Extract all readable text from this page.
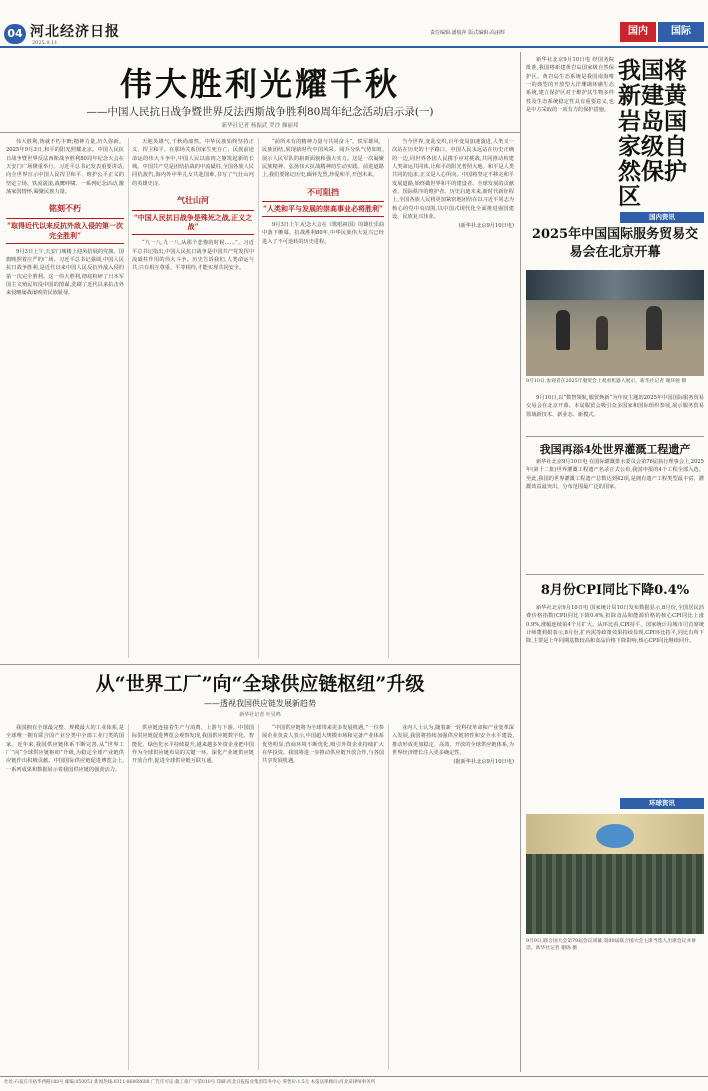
04 河北经济日报
2025.9.11
责任编辑:潘俊萍 版式编辑:高丽辉	国内	国际
伟大胜利光耀千秋
——中国人民抗日战争暨世界反法西斯战争胜利80周年纪念活动启示录(一)
新华社记者 杨振武 罗沙 操丽邦

伟大胜利,铸就不朽丰碑;精神力量,历久弥新。2025年9月3日,和平的阳光照耀北京。中国人民抗日战争暨世界反法西斯战争胜利80周年纪念大会在天安门广场隆重举行。习近平总书记发表重要讲话,向全世界宣示中国人民捍卫和平、维护公平正义的坚定立场。铁流滚滚,战鹰呼啸。一系列纪念活动,激荡家国情怀,凝聚民族力量。

铭刻不朽
“取得近代以来反抗外敌入侵的第一次完全胜利”

9月3日上午,天安门城楼上迎风招展的党旗、国旗映照着庄严的广场。习近平总书记强调,中国人民抗日战争胜利,是近代以来中国人民反抗外敌入侵的第一次完全胜利。这一伟大胜利,彻底粉碎了日本军国主义殖民奴役中国的图谋,洗刷了近代以来抗击外来侵略屡战屡败的民族耻辱。

天地英雄气,千秋尚凛然。中华民族始终坚持正义、捍卫和平。在那场关系国家生死存亡、民族前途命运的伟大斗争中,中国人民以血肉之躯筑起新的长城。中国共产党是团结抗战的中流砥柱,全国各族人民同仇敌忾,海内外中华儿女共赴国难,书写了气壮山河的英雄史诗。

气壮山河
“中国人民抗日战争是殊死之战,正义之战”

“九一八,九一八,从那个悲惨的时候……”。习近平总书记指出,中国人民抗日战争是中国共产党发挥中流砥柱作用的伟大斗争。历史告诉我们,人类命运与共,只有相互尊重、平等相待,才能实现共同安全。

“前所未有的精神力量与共同奋斗”。铁军雄风、民族团结,展现新时代中国风采。阅兵分队气势如虹,展示人民军队的崭新面貌和强大实力。这是一次凝聚民族精神、弘扬伟大抗战精神的生动实践。前进道路上,我们要铭记历史,缅怀先烈,珍爱和平,开创未来。

不可阻挡
“人类和平与发展的崇高事业必将胜利”

9月3日上午,纪念大会在《歌唱祖国》的雄壮乐曲中落下帷幕。抗战胜利80年,中华民族伟大复兴已经进入了不可逆转的历史进程。

当今世界,变乱交织,百年变局加速演进,人类又一次站在历史的十字路口。中国人民永远站在历史正确的一边,同世界各国人民携手应对挑战,共同推动构建人类命运共同体,让和平的阳光普照大地。和平是人类共同的追求,正义是人心所向。中国将坚定不移走和平发展道路,始终做世界和平的建设者、全球发展的贡献者、国际秩序的维护者。历史启迪未来,新时代新征程上,全国各族人民将更加紧密地团结在以习近平同志为核心的党中央周围,以中国式现代化全面推进强国建设、民族复兴伟业。

(新华社北京9月10日电)

新华社北京9月10日电 经国务院批准,我国将新建黄岩岛国家级自然保护区。黄岩岛生态系统是我国南海唯一的典型的开放型大洋珊瑚环礁生态系统,建立保护区对于维护其生物多样性及生态系统稳定性具有重要意义,也是中方采取的一项有力的保护措施。

我国将新建黄岩岛国家级自然保护区
国内资讯
2025年中国国际服务贸易交易会在北京开幕
9月10日,参观者在2025年服贸会上观看机器人展示。新华社记者 谢环驰 摄

9月10日,以“数智领航,服贸焕新”为年度主题的2025年中国国际服务贸易交易会在北京开幕。本届服贸会吸引众多国家和国际组织参展,展示服务贸易领域新技术、新业态、新模式。

我国再添4处世界灌溉工程遗产

新华社北京9月10日电 在国际灌溉排水委员会第76届执行理事会上,2025年(第十二批)世界灌溉工程遗产名录正式公布,我国申报的4个工程全部入选。至此,我国的世界灌溉工程遗产总数达到42项,是拥有遗产工程类型最丰富、灌溉效益最突出、分布范围最广泛的国家。

8月份CPI同比下降0.4%

新华社北京9月10日电 国家统计局10日发布数据显示,8月份,全国居民消费价格指数(CPI)同比下降0.4%,扣除食品和能源价格的核心CPI同比上涨0.9%,涨幅连续第4个月扩大。从环比看,CPI持平。国家统计局城市司首席统计师董莉娟表示,8月份,扩内需等政策效果持续显现,CPI环比持平,同比有所下降,主要是上年同期基数较高和食品价格下降影响,核心CPI同比继续回升。

环球资讯
9月9日,联合国大会第79届会议闭幕,第80届联合国大会主席当选人出席会议并讲话。新华社记者 谢锦 摄
从“世界工厂”向“全球供应链枢纽”升级
——透视我国供应链发展新趋势
新华社记者 叶昊鸣

我国拥有全球最完整、规模最大的工业体系,是全球唯一拥有联合国产业分类中全部工业门类的国家。近年来,我国供应链体系不断完善,从“世界工厂”向“全球供应链枢纽”升级,为稳定全球产业链供应链作出积极贡献。中国国际供应链促进博览会上,一系列成果和数据展示着我国供应链的强劲活力。

供应链连接着生产与消费、上游与下游。中国国际供应链促进博览会观察发现,我国供应链数字化、智能化、绿色化水平持续提升,越来越多外资企业把中国作为全球供应链布局的关键一环。深化产业链供应链开放合作,促进全球供应链互联互通。

“中国供应链将为全球带来更多发展机遇。”一位参展企业负责人表示,中国超大规模市场和完备产业体系优势明显,营商环境不断优化,吸引外资企业持续扩大在华投资。我国将进一步推动供应链开放合作,与各国共享发展机遇。

业内人士认为,随着新一轮科技革命和产业变革深入发展,我国将持续加强供应链韧性和安全水平建设,推动形成更加稳定、高效、开放的全球供应链体系,为世界经济增长注入更多确定性。

(据新华社北京9月10日电)

社址:石家庄市裕华西路188号 邮编:050051 新闻热线:0311-86868688 广告许可证:冀工商广字第010号 印刷:河北日报报业集团印务中心 零售价:1.5元 本报法律顾问:河北某律师事务所
